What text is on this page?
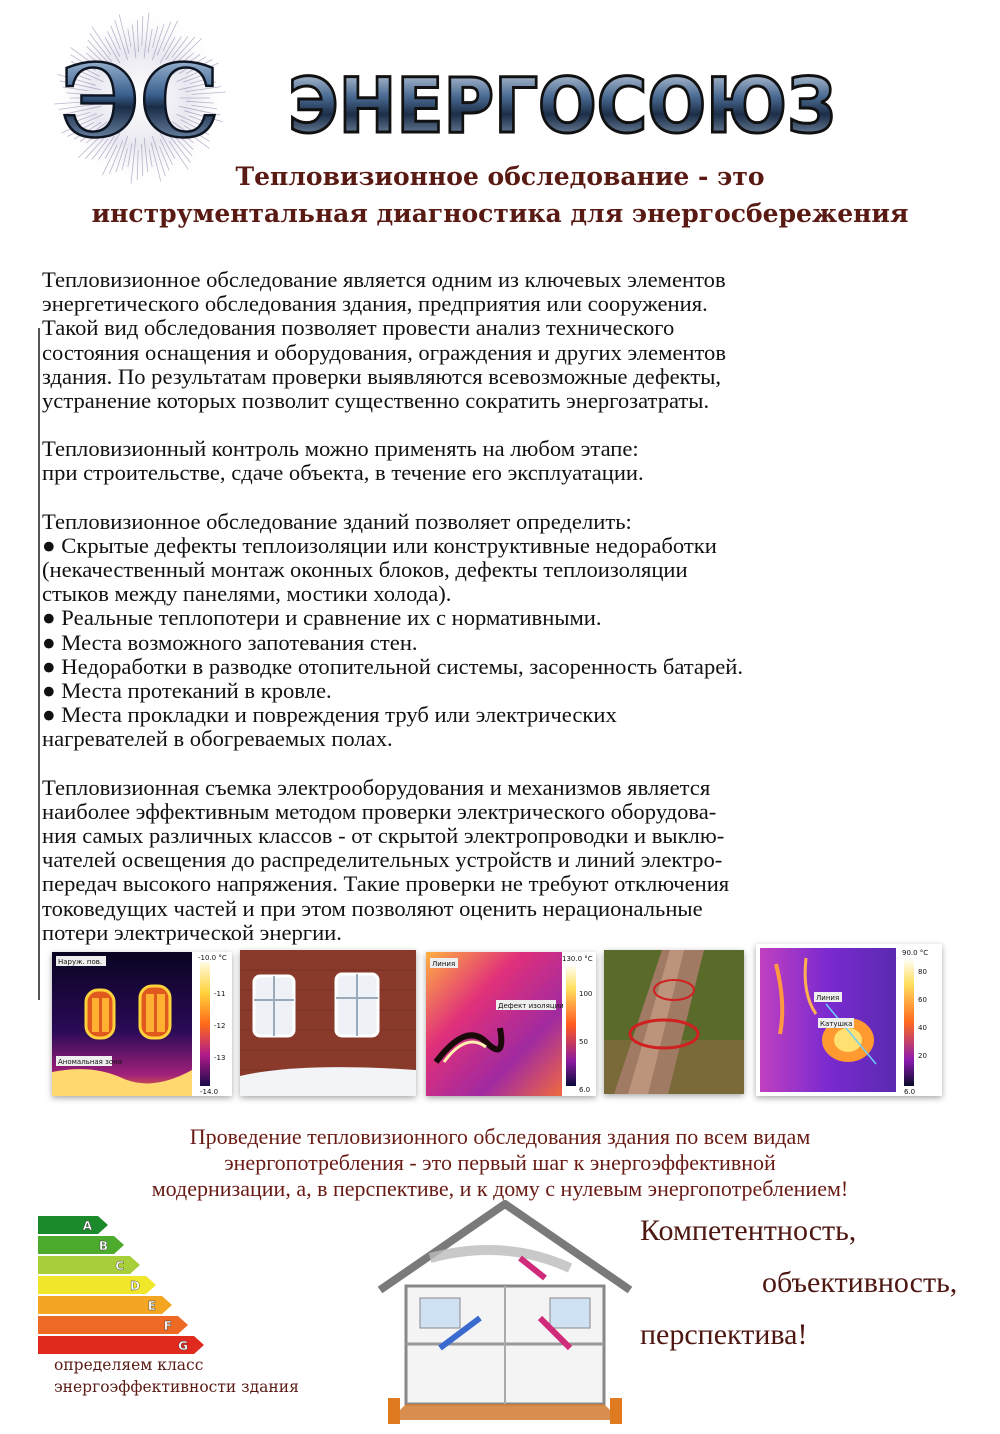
ЭС ЭНЕРГОСОЮЗ
Тепловизионное обследование - это
инструментальная диагностика для энергосбережения
Тепловизионное обследование является одним из ключевых элементов
энергетического обследования здания, предприятия или сооружения.
Такой вид обследования позволяет провести анализ технического
состояния оснащения и оборудования, ограждения и других элементов
здания. По результатам проверки выявляются всевозможные дефекты,
устранение которых позволит существенно сократить энергозатраты.
Тепловизионный контроль можно применять на любом этапе:
при строительстве, сдаче объекта, в течение его эксплуатации.
Тепловизионное обследование зданий позволяет определить:
● Скрытые дефекты теплоизоляции или конструктивные недоработки
(некачественный монтаж оконных блоков, дефекты теплоизоляции
стыков между панелями, мостики холода).
● Реальные теплопотери и сравнение их с нормативными.
● Места возможного запотевания стен.
● Недоработки в разводке отопительной системы, засоренность батарей.
● Места протеканий в кровле.
● Места прокладки и повреждения труб или электрических
нагревателей в обогреваемых полах.
Тепловизионная съемка электрооборудования и механизмов является
наиболее эффективным методом проверки электрического оборудова-
ния самых различных классов - от скрытой электропроводки и выклю-
чателей освещения до распределительных устройств и линий электро-
передач высокого напряжения. Такие проверки не требуют отключения
токоведущих частей и при этом позволяют оценить нерациональные
потери электрической энергии.
Наруж. пов.
Аномальная зона
-10.0 °C
-11
-12
-13
-14.0
Линия
Дефект изоляции
130.0 °C
100
50
6.0
Линия
Катушка
90.0 °C
80
60
40
20
6.0
Проведение тепловизионного обследования здания по всем видам
энергопотребления - это первый шаг к энергоэффективной
модернизации, а, в перспективе, и к дому с нулевым энергопотреблением!
A
B
C
D
E
F
G
определяем класс
энергоэффективности здания
Компетентность,
объективность,
перспектива!
